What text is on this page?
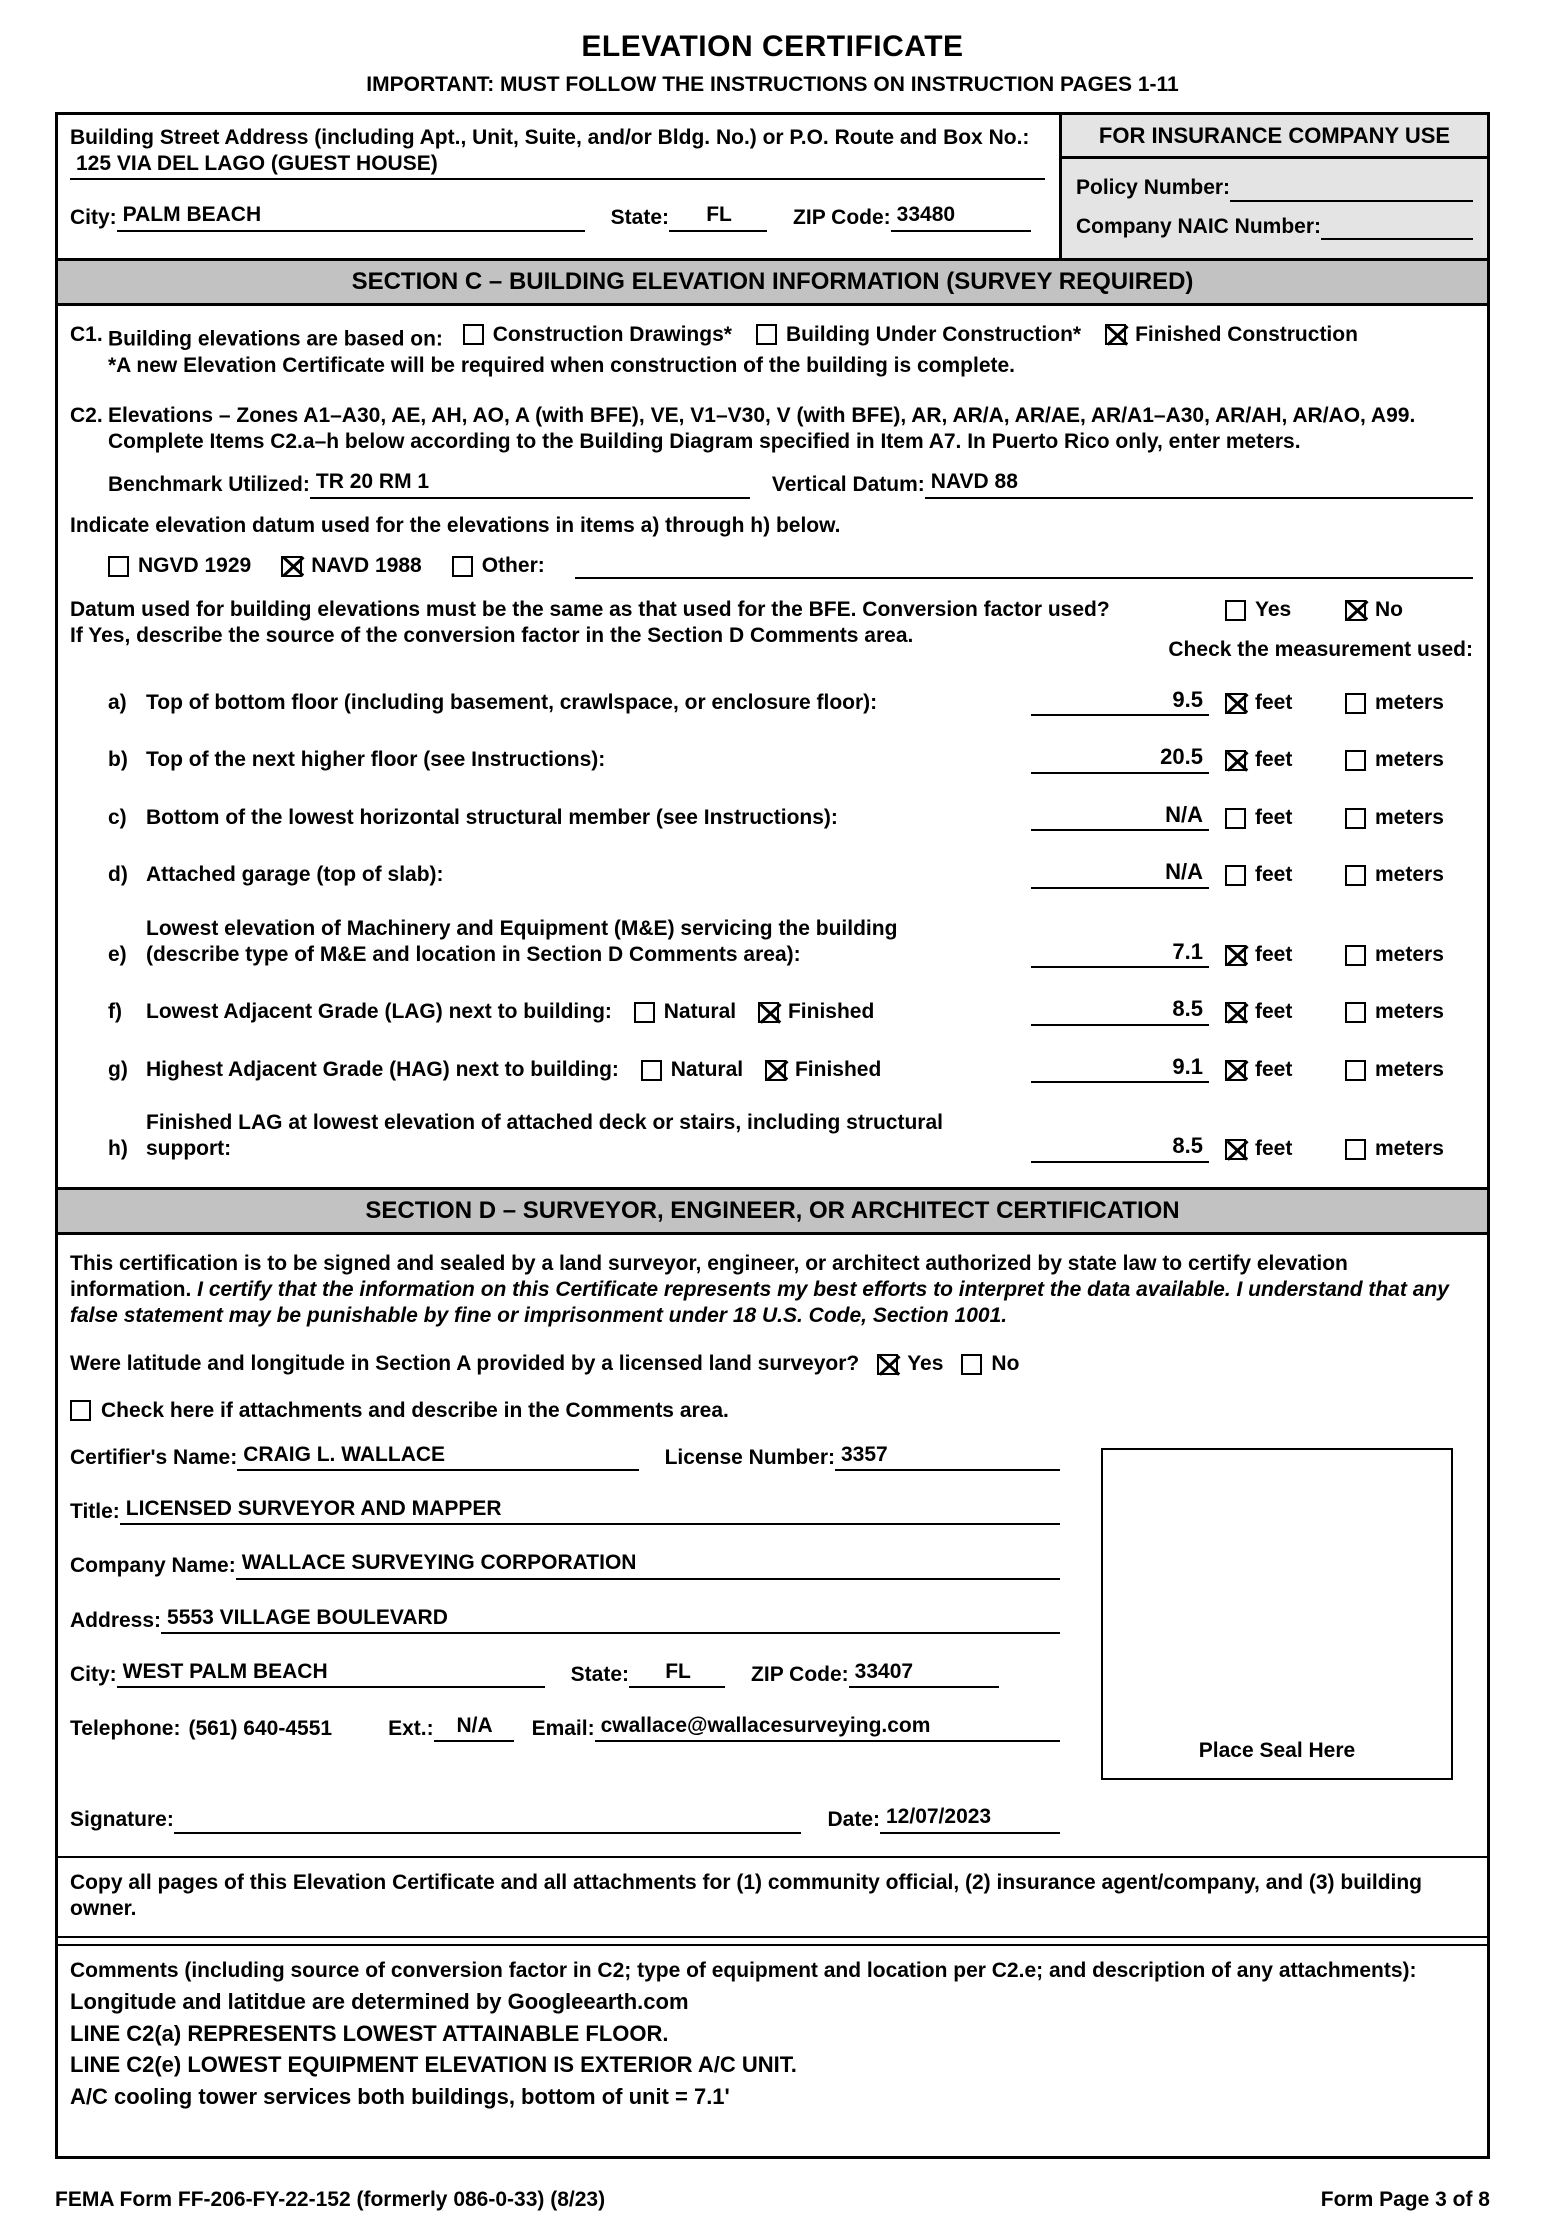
ELEVATION CERTIFICATE
IMPORTANT: MUST FOLLOW THE INSTRUCTIONS ON INSTRUCTION PAGES 1-11
Building Street Address (including Apt., Unit, Suite, and/or Bldg. No.) or P.O. Route and Box No.:
125 VIA DEL LAGO (GUEST HOUSE)
City: PALM BEACH	State:	FL	ZIP Code: 33480
FOR INSURANCE COMPANY USE
Policy Number:
Company NAIC Number:
SECTION C – BUILDING ELEVATION INFORMATION (SURVEY REQUIRED)
C1. Building elevations are based on: Construction Drawings*	Building Under Construction*	Finished Construction
*A new Elevation Certificate will be required when construction of the building is complete.
C2. Elevations – Zones A1–A30, AE, AH, AO, A (with BFE), VE, V1–V30, V (with BFE), AR, AR/A, AR/AE, AR/A1–A30, AR/AH, AR/AO, A99. Complete Items C2.a–h below according to the Building Diagram specified in Item A7. In Puerto Rico only, enter meters.
Benchmark Utilized: TR 20 RM 1	Vertical Datum: NAVD 88
Indicate elevation datum used for the elevations in items a) through h) below.
NGVD 1929	NAVD 1988	Other:
Datum used for building elevations must be the same as that used for the BFE. Conversion factor used?
If Yes, describe the source of the conversion factor in the Section D Comments area.
Yes	No
Check the measurement used:
a) Top of bottom floor (including basement, crawlspace, or enclosure floor):	9.5 feet	meters
b) Top of the next higher floor (see Instructions):	20.5 feet	meters
c) Bottom of the lowest horizontal structural member (see Instructions):	N/A feet	meters
d) Attached garage (top of slab):	N/A feet	meters
e)
Lowest elevation of Machinery and Equipment (M&E) servicing the building
(describe type of M&E and location in Section D Comments area):	7.1 feet	meters
f)	Lowest Adjacent Grade (LAG) next to building: Natural
Finished	8.5 feet	meters
g) Highest Adjacent Grade (HAG) next to building: Natural
Finished	9.1 feet	meters
h)
Finished LAG at lowest elevation of attached deck or stairs, including structural
support:	8.5 feet	meters
SECTION D – SURVEYOR, ENGINEER, OR ARCHITECT CERTIFICATION
This certification is to be signed and sealed by a land surveyor, engineer, or architect authorized by state law to certify elevation information. I certify that the information on this Certificate represents my best efforts to interpret the data available. I understand that any false statement may be punishable by fine or imprisonment under 18 U.S. Code, Section 1001.
Were latitude and longitude in Section A provided by a licensed land surveyor? Yes No
Check here if attachments and describe in the Comments area.
Certifier's Name: CRAIG L. WALLACE	License Number: 3357
Title: LICENSED SURVEYOR AND MAPPER
Company Name: WALLACE SURVEYING CORPORATION
Address: 5553 VILLAGE BOULEVARD
City: WEST PALM BEACH	State:	FL	ZIP Code: 33407
Telephone: (561) 640-4551	Ext.:	N/A	Email: cwallace@wallacesurveying.com
Signature:	Date: 12/07/2023
Place Seal Here
Copy all pages of this Elevation Certificate and all attachments for (1) community official, (2) insurance agent/company, and (3) building owner.
Comments (including source of conversion factor in C2; type of equipment and location per C2.e; and description of any attachments):
Longitude and latitdue are determined by Googleearth.com
LINE C2(a) REPRESENTS LOWEST ATTAINABLE FLOOR.
LINE C2(e) LOWEST EQUIPMENT ELEVATION IS EXTERIOR A/C UNIT.
A/C cooling tower services both buildings, bottom of unit = 7.1'
FEMA Form FF-206-FY-22-152 (formerly 086-0-33) (8/23)	Form Page 3 of 8
